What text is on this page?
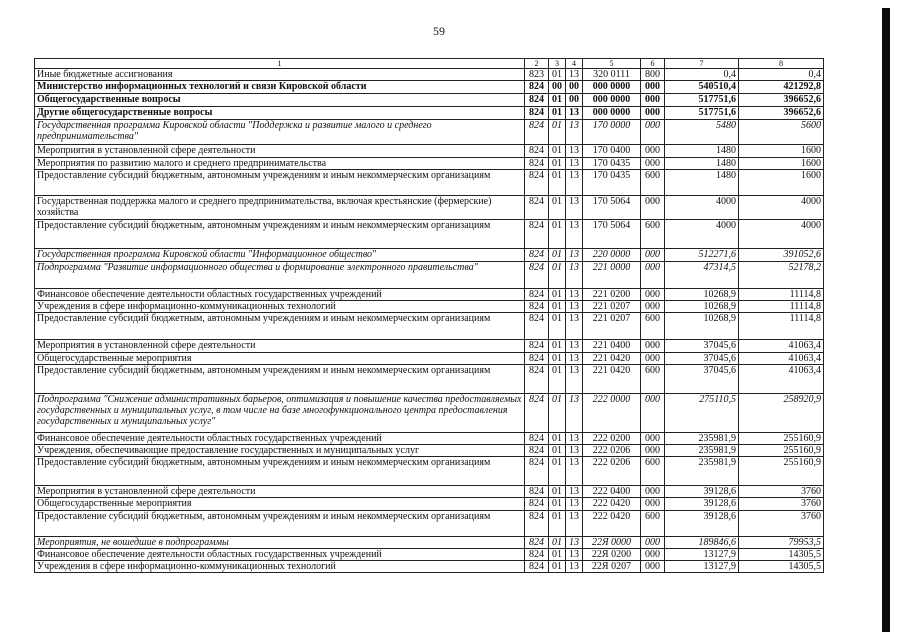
59
1	2	3	4	5	6	7	8
Иные бюджетные ассигнования	823	01	13	320 0111	800	0,4	0,4
Министерство информационных технологий и связи Кировской области	824	00	00	000 0000	000	540510,4	421292,8
Общегосударственные вопросы	824	01	00	000 0000	000	517751,6	396652,6
Другие общегосударственные вопросы	824	01	13	000 0000	000	517751,6	396652,6
Государственная программа Кировской области "Поддержка и развитие малого и среднего предпринимательства"	824	01	13	170 0000	000	5480	5600
Мероприятия в установленной сфере деятельности	824	01	13	170 0400	000	1480	1600
Мероприятия по развитию малого и среднего предпринимательства	824	01	13	170 0435	000	1480	1600
Предоставление субсидий бюджетным, автономным учреждениям и иным некоммерческим организациям	824	01	13	170 0435	600	1480	1600
Государственная поддержка малого и среднего предпринимательства, включая крестьянские (фермерские) хозяйства	824	01	13	170 5064	000	4000	4000
Предоставление субсидий бюджетным, автономным учреждениям и иным некоммерческим организациям	824	01	13	170 5064	600	4000	4000
Государственная программа Кировской области "Информационное общество"	824	01	13	220 0000	000	512271,6	391052,6
Подпрограмма "Развитие информационного общества и формирование электронного правительства"	824	01	13	221 0000	000	47314,5	52178,2
Финансовое обеспечение деятельности областных государственных учреждений	824	01	13	221 0200	000	10268,9	11114,8
Учреждения в сфере информационно-коммуникационных технологий	824	01	13	221 0207	000	10268,9	11114,8
Предоставление субсидий бюджетным, автономным учреждениям и иным некоммерческим организациям	824	01	13	221 0207	600	10268,9	11114,8
Мероприятия в установленной сфере деятельности	824	01	13	221 0400	000	37045,6	41063,4
Общегосударственные мероприятия	824	01	13	221 0420	000	37045,6	41063,4
Предоставление субсидий бюджетным, автономным учреждениям и иным некоммерческим организациям	824	01	13	221 0420	600	37045,6	41063,4
Подпрограмма "Снижение административных барьеров, оптимизация и повышение качества предоставляемых государственных и муниципальных услуг, в том числе на базе многофункционального центра предоставления государственных и муниципальных услуг"	824	01	13	222 0000	000	275110,5	258920,9
Финансовое обеспечение деятельности областных государственных учреждений	824	01	13	222 0200	000	235981,9	255160,9
Учреждения, обеспечивающие предоставление государственных и муниципальных услуг	824	01	13	222 0206	000	235981,9	255160,9
Предоставление субсидий бюджетным, автономным учреждениям и иным некоммерческим организациям	824	01	13	222 0206	600	235981,9	255160,9
Мероприятия в установленной сфере деятельности	824	01	13	222 0400	000	39128,6	3760
Общегосударственные мероприятия	824	01	13	222 0420	000	39128,6	3760
Предоставление субсидий бюджетным, автономным учреждениям и иным некоммерческим организациям	824	01	13	222 0420	600	39128,6	3760
Мероприятия, не вошедшие в подпрограммы	824	01	13	22Я 0000	000	189846,6	79953,5
Финансовое обеспечение деятельности областных государственных учреждений	824	01	13	22Я 0200	000	13127,9	14305,5
Учреждения в сфере информационно-коммуникационных технологий	824	01	13	22Я 0207	000	13127,9	14305,5
